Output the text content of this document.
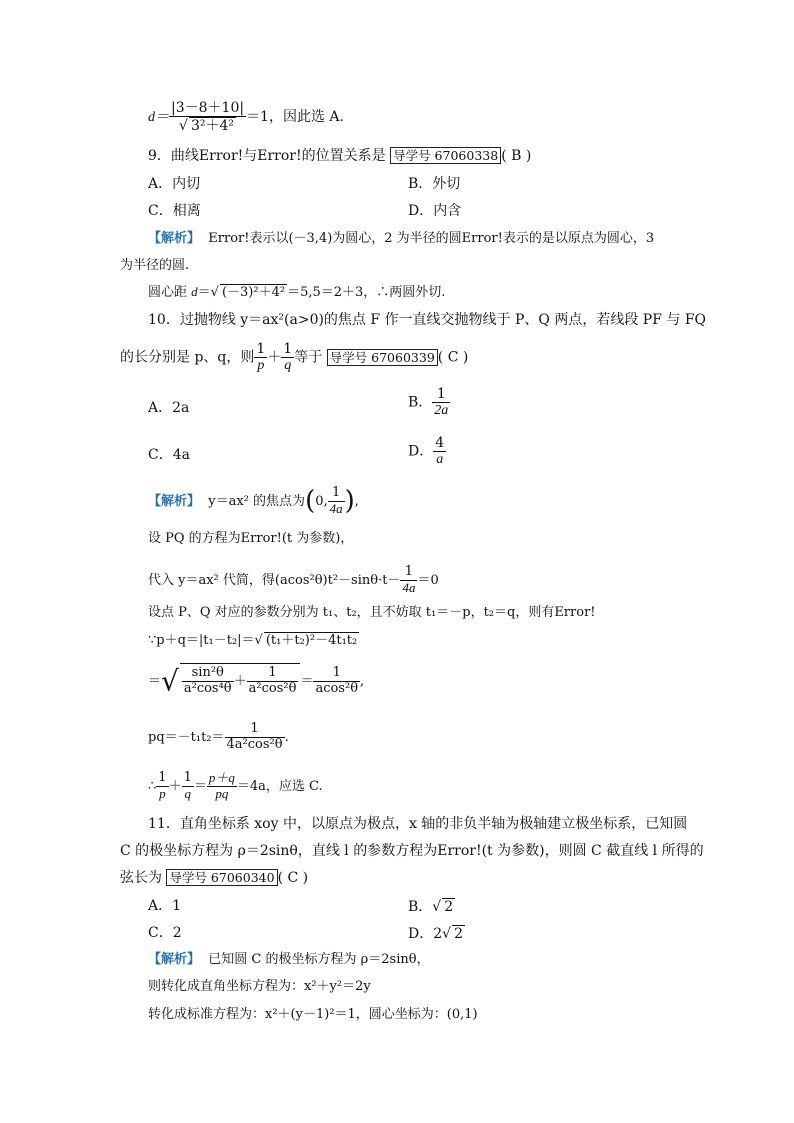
$d= \frac{|3-8+10|}{\text{√ 3²＋4²}} =1$，因此选 A.
9．曲线Error!与Error!的位置关系是 导学号 67060338 ( B )
A．内切	B．外切
C．相离	D．内含
【解析】 Error!表示以(－3,4)为圆心，2 为半径的圆Error!表示的是以原点为圆心，3
为半径的圆.
圆心距 d＝√ (－3)²＋4² ＝5,5＝2＋3，∴两圆外切.
10．过抛物线 y＝ax²(a>0)的焦点 F 作一直线交抛物线于 P、Q 两点，若线段 PF 与 FQ
的长分别是 p、q，则 $\frac{1}{p} + \frac{1}{q}$ 等于 导学号 67060339 ( C )
A．2a	B． $\frac{1}{2a}$
C．4a	D． $\frac{4}{a}$
【解析】 y＝ax² 的焦点为(0, $\frac{1}{4a}$ ),
设 PQ 的方程为Error!(t 为参数)，
代入 y＝ax² 代简，得$(acos^2\theta)t^2-\sin\theta\cdot t- \frac{1}{4a} =0$
设点 P、Q 对应的参数分别为 t₁、t₂，且不妨取 t₁＝－p，t₂＝q，则有Error!
∵p＋q＝|t₁－t₂|＝√ (t₁＋t₂)²－4t₁t₂
＝√ $\frac{\text{sin²θ}}{\text{a²cos⁴θ}} + \frac{1}{\text{a²cos²θ}} = \frac{1}{\text{acos²θ}}$ ,
$pq=-t_1t_2= \frac{1}{\text{4a²cos²θ}}$ .
∴ $\frac{1}{p} + \frac{1}{q} = \frac{p+q}{pq} =4a$，应选 C.
11．直角坐标系 xoy 中，以原点为极点，x 轴的非负半轴为极轴建立极坐标系，已知圆
C 的极坐标方程为 ρ＝2sinθ，直线 l 的参数方程为Error!(t 为参数)，则圆 C 截直线 l 所得的
弦长为 导学号 67060340 ( C )
A．1	B．√ 2
C．2	D．2√ 2
【解析】 已知圆 C 的极坐标方程为 ρ＝2sinθ，
则转化成直角坐标方程为：x²＋y²＝2y
转化成标准方程为：x²＋(y－1)²＝1，圆心坐标为：(0,1)
